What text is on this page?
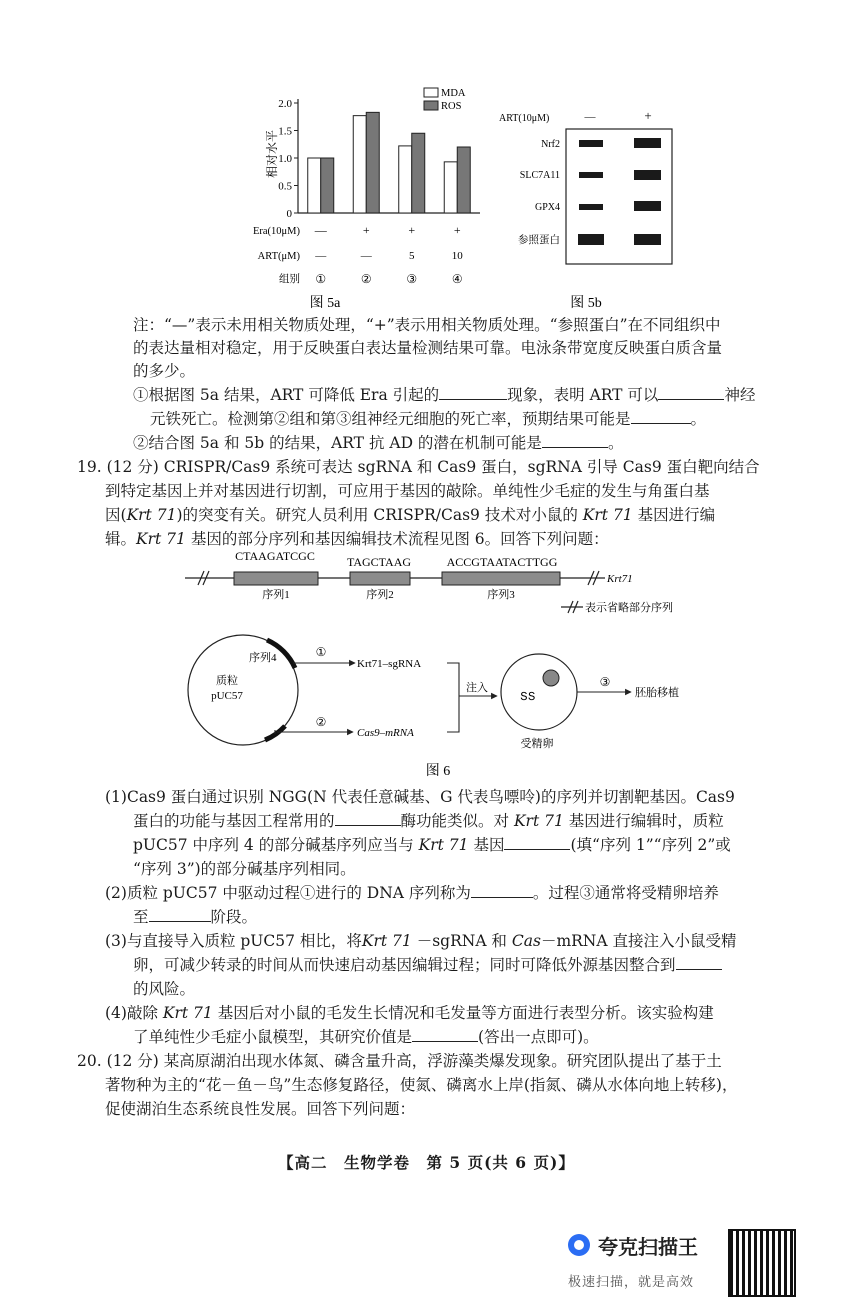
相对水平
0
0.5
1.0
1.5
2.0
MDA
ROS
Era(10μM)
ART(μM)
组别
—
—
①
+
—
②
+
5
③
+
10
④
图 5a
ART(10μM)	—	+
Nrf2
SLC7A11
GPX4
参照蛋白
图 5b
注：“—”表示未用相关物质处理，“+”表示用相关物质处理。“参照蛋白”在不同组织中
的表达量相对稳定，用于反映蛋白表达量检测结果可靠。电泳条带宽度反映蛋白质含量
的多少。
①根据图 5a 结果，ART 可降低 Era 引起的	现象，表明 ART 可以	神经
元铁死亡。检测第②组和第③组神经元细胞的死亡率，预期结果可能是	。
②结合图 5a 和 5b 的结果，ART 抗 AD 的潜在机制可能是	。
19. (12 分) CRISPR/Cas9 系统可表达 sgRNA 和 Cas9 蛋白，sgRNA 引导 Cas9 蛋白靶向结合
到特定基因上并对基因进行切割，可应用于基因的敲除。单纯性少毛症的发生与角蛋白基
因(Krt 71)的突变有关。研究人员利用 CRISPR/Cas9 技术对小鼠的 Krt 71 基因进行编
辑。Krt 71 基因的部分序列和基因编辑技术流程见图 6。回答下列问题：
CTAAGATCGC	TAGCTAAG	ACCGTAATACTTGG
Krt71
序列1	序列2	序列3
表示省略部分序列
序列4
质粒
pUC57
①
Krt71–sgRNA
②
Cas9–mRNA
注入
ՏՏ
受精卵
③
胚胎移植
图 6
(1)Cas9 蛋白通过识别 NGG(N 代表任意碱基、G 代表鸟嘌呤)的序列并切割靶基因。Cas9
蛋白的功能与基因工程常用的	酶功能类似。对 Krt 71 基因进行编辑时，质粒
pUC57 中序列 4 的部分碱基序列应当与 Krt 71 基因	(填“序列 1”“序列 2”或
“序列 3”)的部分碱基序列相同。
(2)质粒 pUC57 中驱动过程①进行的 DNA 序列称为	。过程③通常将受精卵培养
至	阶段。
(3)与直接导入质粒 pUC57 相比，将Krt 71 －sgRNA 和 Cas－mRNA 直接注入小鼠受精
卵，可减少转录的时间从而快速启动基因编辑过程；同时可降低外源基因整合到
的风险。
(4)敲除 Krt 71 基因后对小鼠的毛发生长情况和毛发量等方面进行表型分析。该实验构建
了单纯性少毛症小鼠模型，其研究价值是	(答出一点即可)。
20. (12 分) 某高原湖泊出现水体氮、磷含量升高，浮游藻类爆发现象。研究团队提出了基于土
著物种为主的“花－鱼－鸟”生态修复路径，使氮、磷离水上岸(指氮、磷从水体向地上转移)，
促使湖泊生态系统良性发展。回答下列问题：
【高二　生物学卷　第 5 页(共 6 页)】
夸克扫描王
极速扫描，就是高效
